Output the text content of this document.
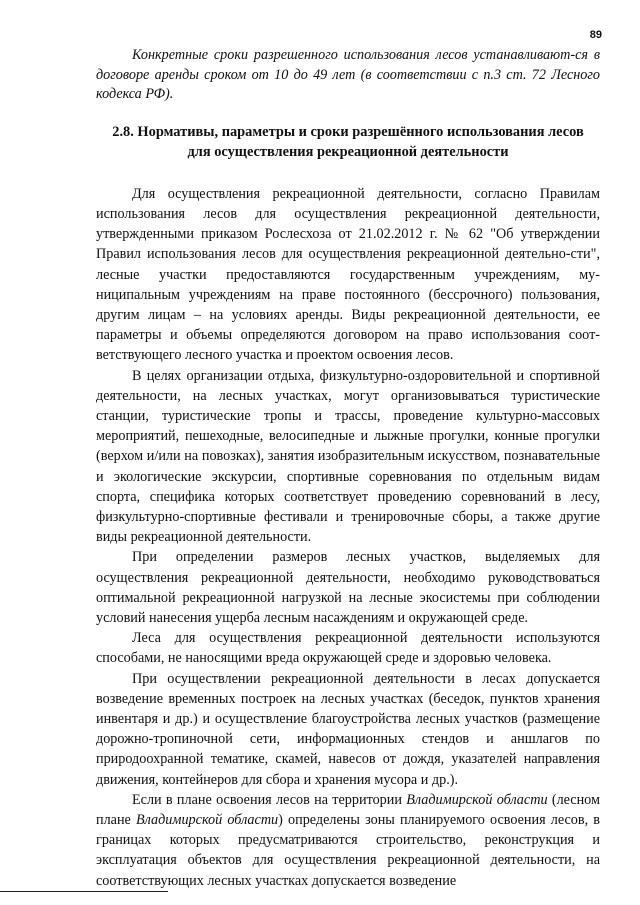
89

Конкретные сроки разрешенного использования лесов устанавливают-ся в договоре аренды сроком от 10 до 49 лет (в соответствии с п.3 ст. 72 Лесного кодекса РФ).

2.8. Нормативы, параметры и сроки разрешённого использования лесов
для осуществления рекреационной деятельности

Для осуществления рекреационной деятельности, согласно Правилам использования лесов для осуществления рекреационной деятельности, утвержденными приказом Рослесхоза от 21.02.2012 г. № 62 "Об утверждении Правил использования лесов для осуществления рекреационной деятельно-сти", лесные участки предоставляются государственным учреждениям, му-ниципальным учреждениям на праве постоянного (бессрочного) пользования, другим лицам – на условиях аренды. Виды рекреационной деятельности, ее параметры и объемы определяются договором на право использования соот-ветствующего лесного участка и проектом освоения лесов.

В целях организации отдыха, физкультурно-оздоровительной и спортивной деятельности, на лесных участках, могут организовываться туристические станции, туристические тропы и трассы, проведение культурно-массовых мероприятий, пешеходные, велосипедные и лыжные прогулки, конные прогулки (верхом и/или на повозках), занятия изобразительным искусством, познавательные и экологические экскурсии, спортивные соревнования по отдельным видам спорта, специфика которых соответствует проведению соревнований в лесу, физкультурно-спортивные фестивали и тренировочные сборы, а также другие виды рекреационной деятельности.

При определении размеров лесных участков, выделяемых для осуществления рекреационной деятельности, необходимо руководствоваться оптимальной рекреационной нагрузкой на лесные экосистемы при соблюдении условий нанесения ущерба лесным насаждениям и окружающей среде.

Леса для осуществления рекреационной деятельности используются способами, не наносящими вреда окружающей среде и здоровью человека.

При осуществлении рекреационной деятельности в лесах допускается возведение временных построек на лесных участках (беседок, пунктов хранения инвентаря и др.) и осуществление благоустройства лесных участков (размещение дорожно-тропиночной сети, информационных стендов и аншлагов по природоохранной тематике, скамей, навесов от дождя, указателей направления движения, контейнеров для сбора и хранения мусора и др.).

Если в плане освоения лесов на территории Владимирской области (лесном плане Владимирской области) определены зоны планируемого освоения лесов, в границах которых предусматриваются строительство, реконструкция и эксплуатация объектов для осуществления рекреационной деятельности, на соответствующих лесных участках допускается возведение
